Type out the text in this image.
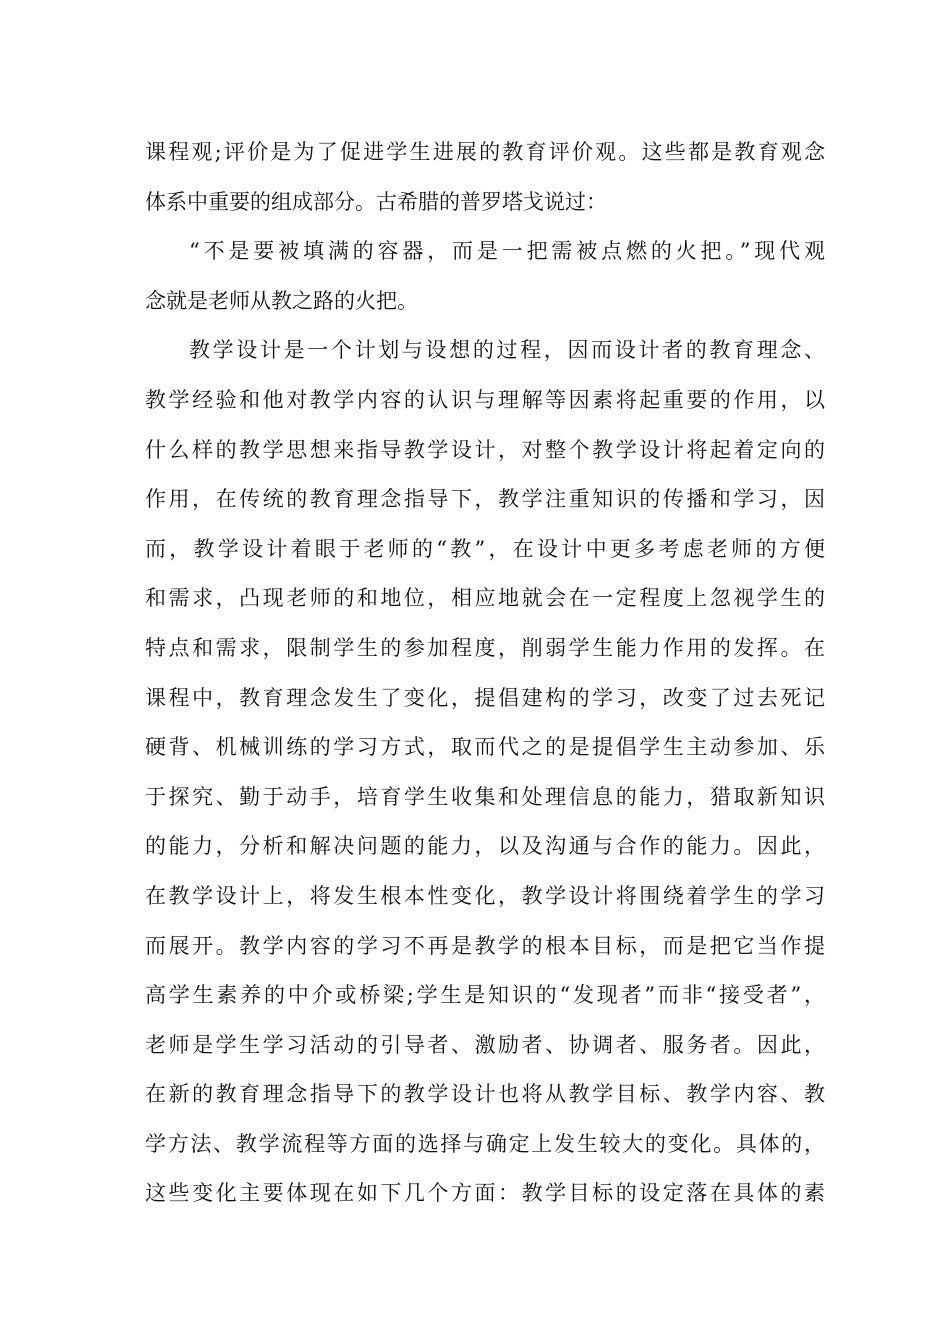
课程观;评价是为了促进学生进展的教育评价观。这些都是教育观念
体系中重要的组成部分。古希腊的普罗塔戈说过：
“不是要被填满的容器，而是一把需被点燃的火把。”现代观
念就是老师从教之路的火把。
教学设计是一个计划与设想的过程，因而设计者的教育理念、
教学经验和他对教学内容的认识与理解等因素将起重要的作用，以
什么样的教学思想来指导教学设计，对整个教学设计将起着定向的
作用，在传统的教育理念指导下，教学注重知识的传播和学习，因
而，教学设计着眼于老师的“教”，在设计中更多考虑老师的方便
和需求，凸现老师的和地位，相应地就会在一定程度上忽视学生的
特点和需求，限制学生的参加程度，削弱学生能力作用的发挥。在
课程中，教育理念发生了变化，提倡建构的学习，改变了过去死记
硬背、机械训练的学习方式，取而代之的是提倡学生主动参加、乐
于探究、勤于动手，培育学生收集和处理信息的能力，猎取新知识
的能力，分析和解决问题的能力，以及沟通与合作的能力。因此，
在教学设计上，将发生根本性变化，教学设计将围绕着学生的学习
而展开。教学内容的学习不再是教学的根本目标，而是把它当作提
高学生素养的中介或桥梁;学生是知识的“发现者”而非“接受者”，
老师是学生学习活动的引导者、激励者、协调者、服务者。因此，
在新的教育理念指导下的教学设计也将从教学目标、教学内容、教
学方法、教学流程等方面的选择与确定上发生较大的变化。具体的，
这些变化主要体现在如下几个方面：教学目标的设定落在具体的素
